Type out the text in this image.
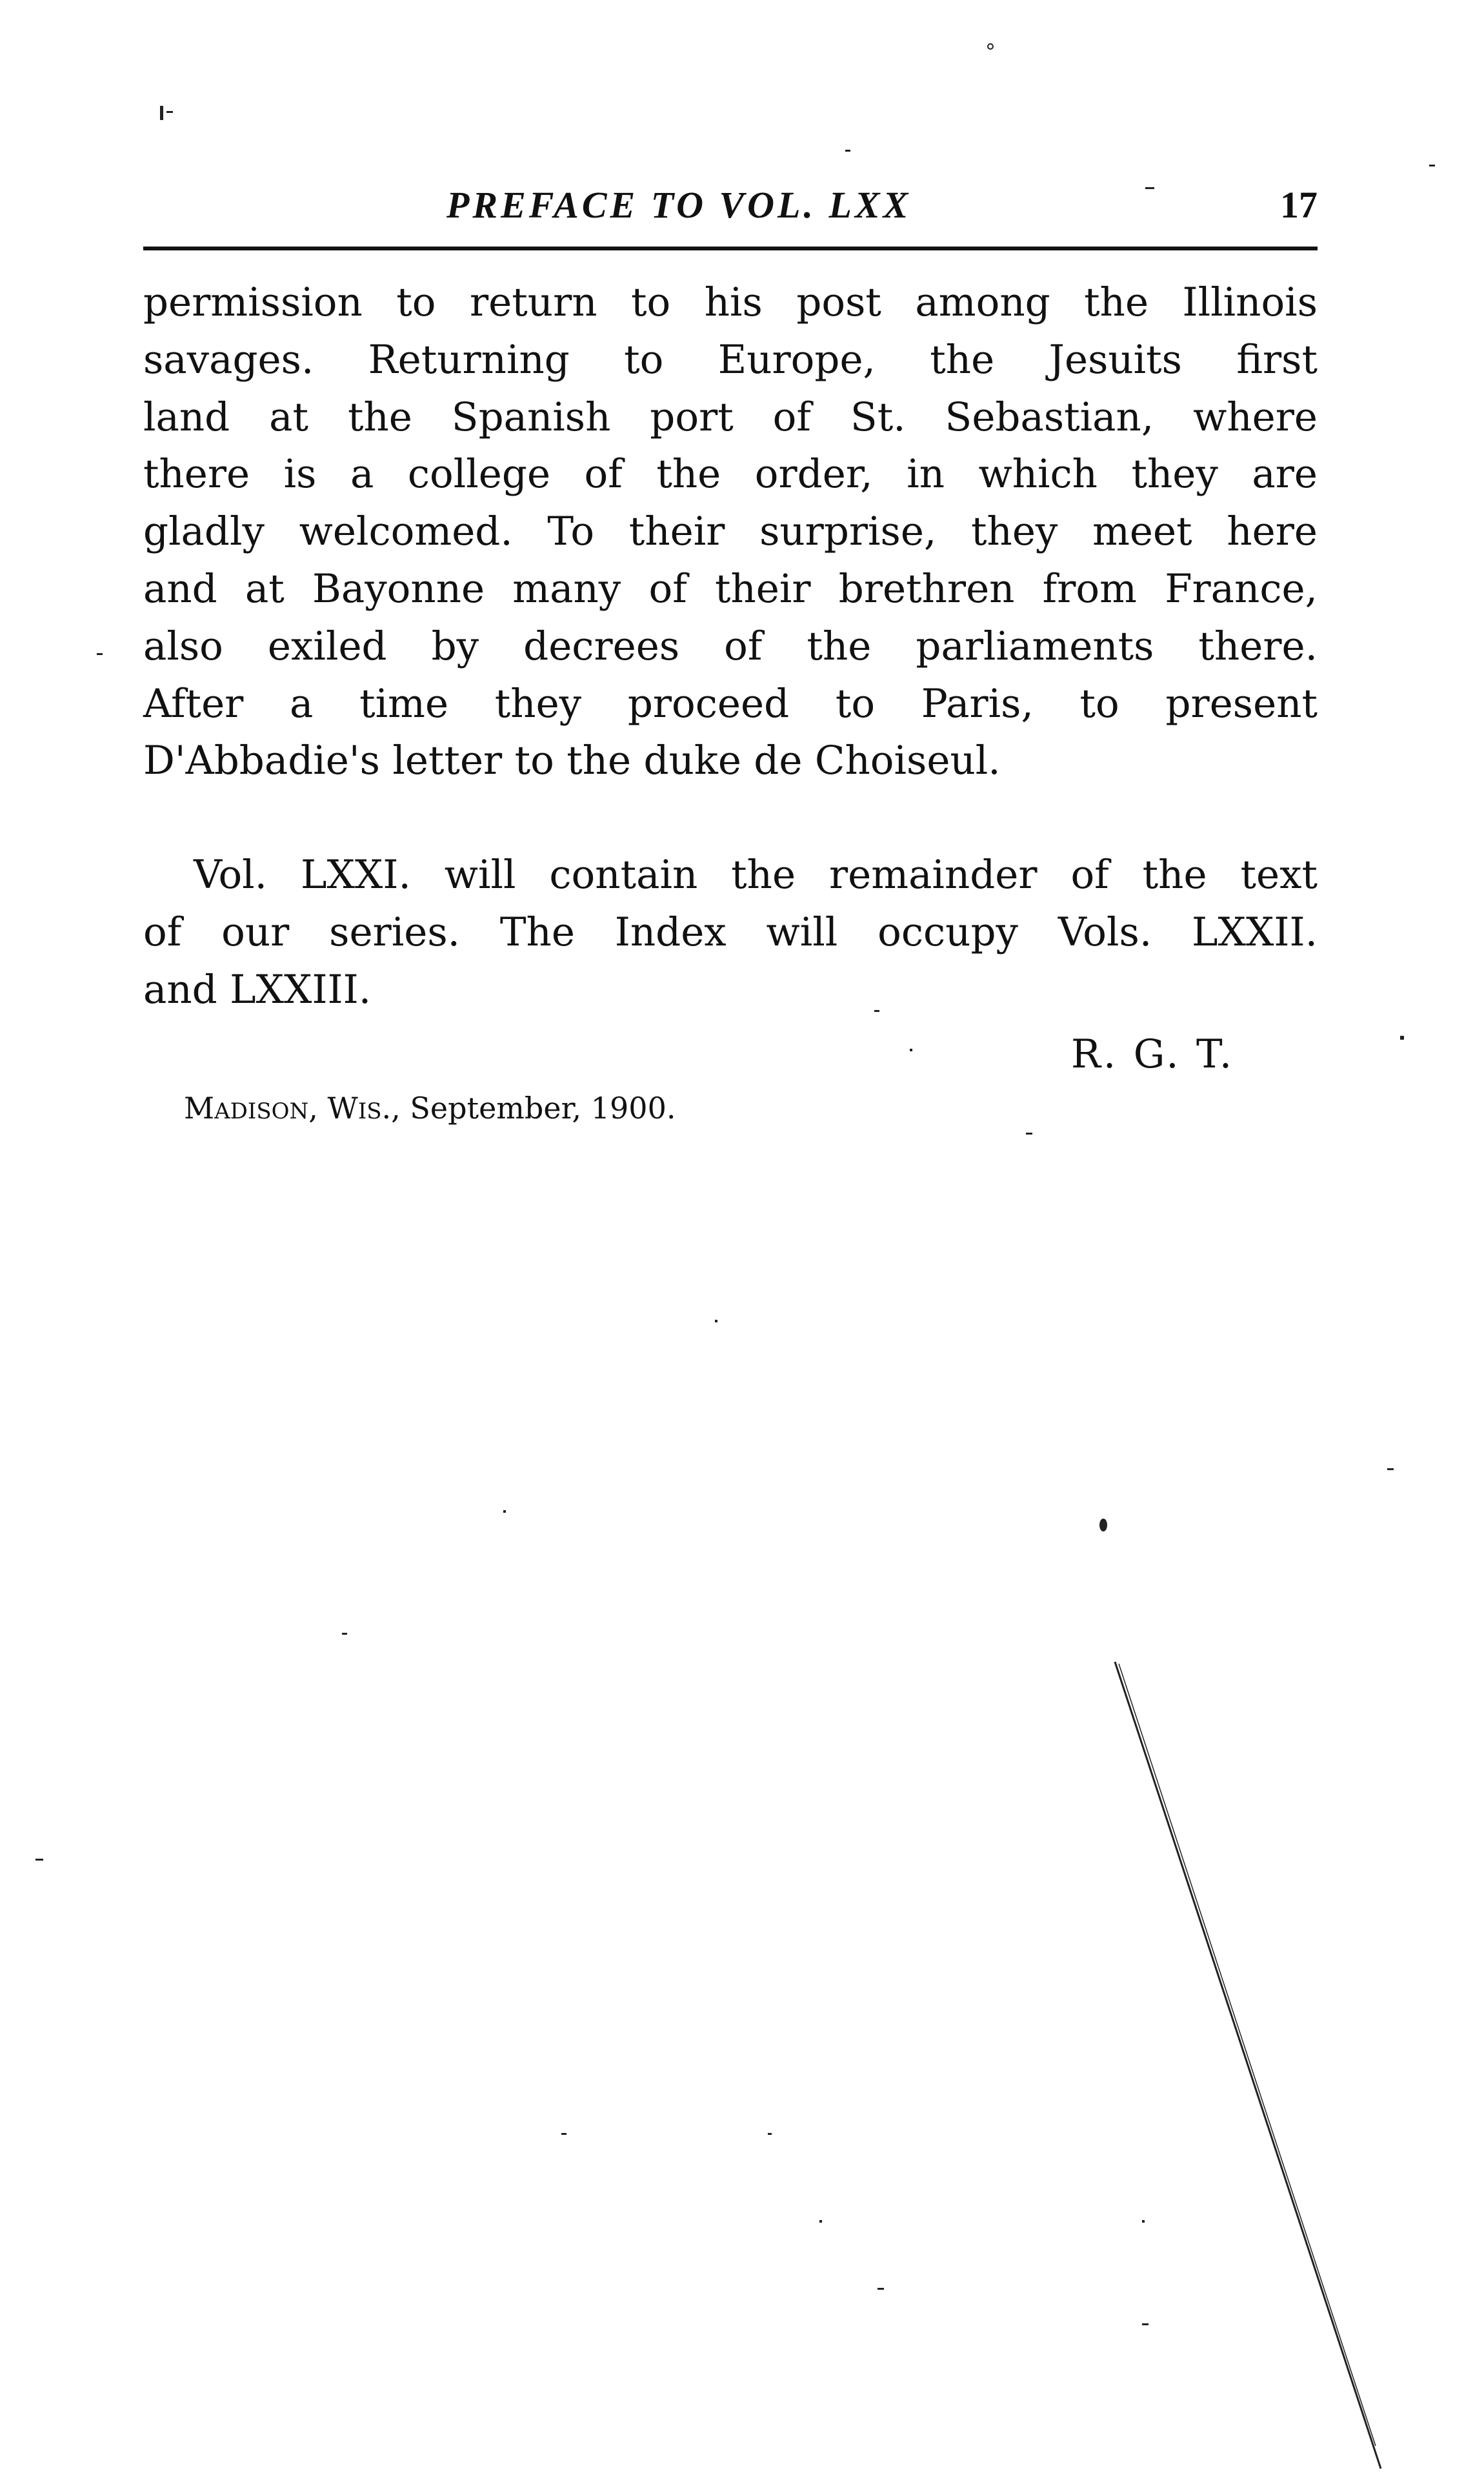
PREFACE TO VOL. LXX	17
permission to return to his post among the Illinois
savages. Returning to Europe, the Jesuits first
land at the Spanish port of St. Sebastian, where
there is a college of the order, in which they are
gladly welcomed. To their surprise, they meet here
and at Bayonne many of their brethren from France,
also exiled by decrees of the parliaments there.
After a time they proceed to Paris, to present
D'Abbadie's letter to the duke de Choiseul.
Vol. LXXI. will contain the remainder of the text
of our series. The Index will occupy Vols. LXXII.
and LXXIII.
R. G. T.
MADISON, WIS., September, 1900.
